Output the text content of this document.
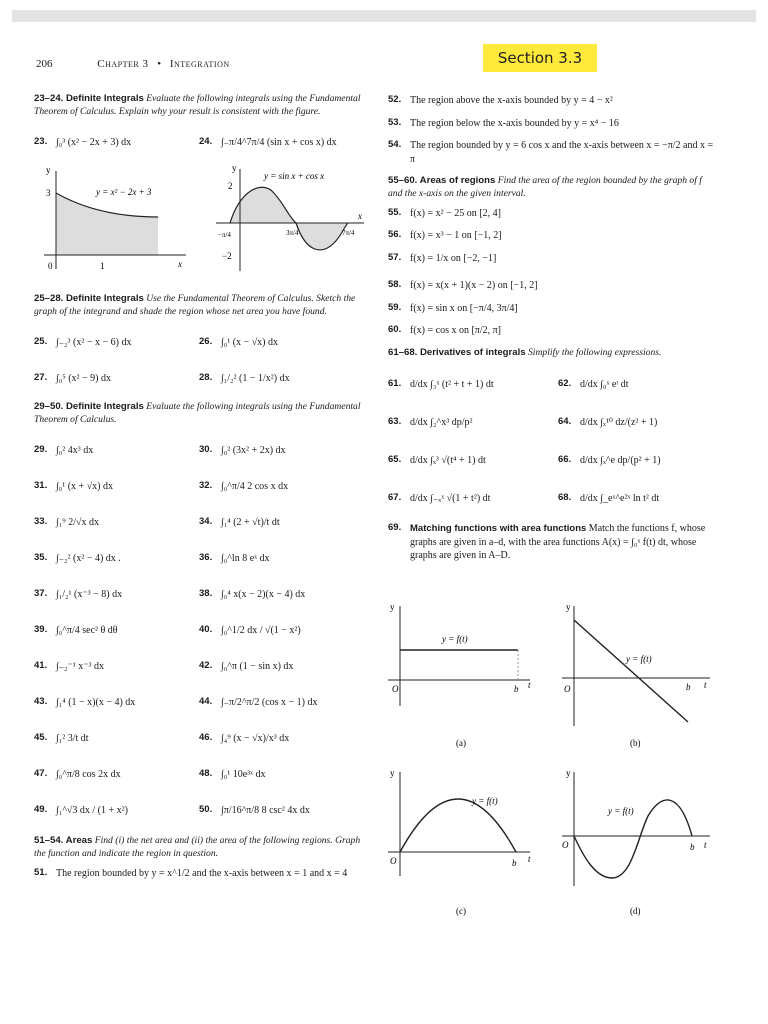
206	Chapter 3 • Integration	Section 3.3
23–24. Definite Integrals Evaluate the following integrals using the Fundamental Theorem of Calculus. Explain why your result is consistent with the figure.
23. ∫₀³ (x² − 2x + 3) dx	24. ∫₋π/4^7π/4 (sin x + cos x) dx
y
x
3
0	1
y = x² − 2x + 3
y
x
2
−2
−π/4	3π/4	7π/4
y = sin x + cos x
25–28. Definite Integrals Use the Fundamental Theorem of Calculus. Sketch the graph of the integrand and shade the region whose net area you have found.
25. ∫₋₂³ (x² − x − 6) dx	26. ∫₀¹ (x − √x) dx
27. ∫₀⁵ (x² − 9) dx	28. ∫₁/₂² (1 − 1/x²) dx
29–50. Definite Integrals Evaluate the following integrals using the Fundamental Theorem of Calculus.
29. ∫₀² 4x³ dx	30. ∫₀² (3x² + 2x) dx
31. ∫₀¹ (x + √x) dx	32. ∫₀^π/4 2 cos x dx
33. ∫₁⁹ 2/√x dx	34. ∫₁⁴ (2 + √t)/t dt
35. ∫₋₂² (x² − 4) dx .	36. ∫₀^ln 8 eˣ dx
37. ∫₁/₂¹ (x⁻³ − 8) dx	38. ∫₀⁴ x(x − 2)(x − 4) dx
39. ∫₀^π/4 sec² θ dθ	40. ∫₀^1/2 dx / √(1 − x²)
41. ∫₋₂⁻¹ x⁻³ dx	42. ∫₀^π (1 − sin x) dx
43. ∫₁⁴ (1 − x)(x − 4) dx	44. ∫₋π/2^π/2 (cos x − 1) dx
45. ∫₁² 3/t dt	46. ∫₄⁹ (x − √x)/x³ dx
47. ∫₀^π/8 cos 2x dx	48. ∫₀¹ 10e³ˣ dx
49. ∫₁^√3 dx / (1 + x²)	50. ∫π/16^π/8 8 csc² 4x dx
51–54. Areas Find (i) the net area and (ii) the area of the following regions. Graph the function and indicate the region in question.
51. The region bounded by y = x^1/2 and the x-axis between x = 1 and x = 4
52. The region above the x-axis bounded by y = 4 − x²
53. The region below the x-axis bounded by y = x⁴ − 16
54. The region bounded by y = 6 cos x and the x-axis between x = −π/2 and x = π
55–60. Areas of regions Find the area of the region bounded by the graph of f and the x-axis on the given interval.
55. f(x) = x² − 25 on [2, 4]
56. f(x) = x³ − 1 on [−1, 2]
57. f(x) = 1/x on [−2, −1]
58. f(x) = x(x + 1)(x − 2) on [−1, 2]
59. f(x) = sin x on [−π/4, 3π/4]
60. f(x) = cos x on [π/2, π]
61–68. Derivatives of integrals Simplify the following expressions.
61. d/dx ∫₃ˣ (t² + t + 1) dt	62. d/dx ∫₀ˣ eᵗ dt
63. d/dx ∫₂^x³ dp/p²	64. d/dx ∫ₓ¹⁰ dz/(z² + 1)
65. d/dx ∫ₓ³ √(t⁴ + 1) dt	66. d/dx ∫ₓ^e dp/(p² + 1)
67. d/dx ∫₋ₓˣ √(1 + t²) dt	68. d/dx ∫_eˣ^e²ˣ ln t² dt
69. Matching functions with area functions Match the functions f, whose graphs are given in a–d, with the area functions A(x) = ∫₀ˣ f(t) dt, whose graphs are given in A–D.
y
O	b t
y = f(t)
(a)
y
O	b t
y = f(t)
(b)
y
O	b t
y = f(t)
(c)
y
O	b t
y = f(t)
(d)
